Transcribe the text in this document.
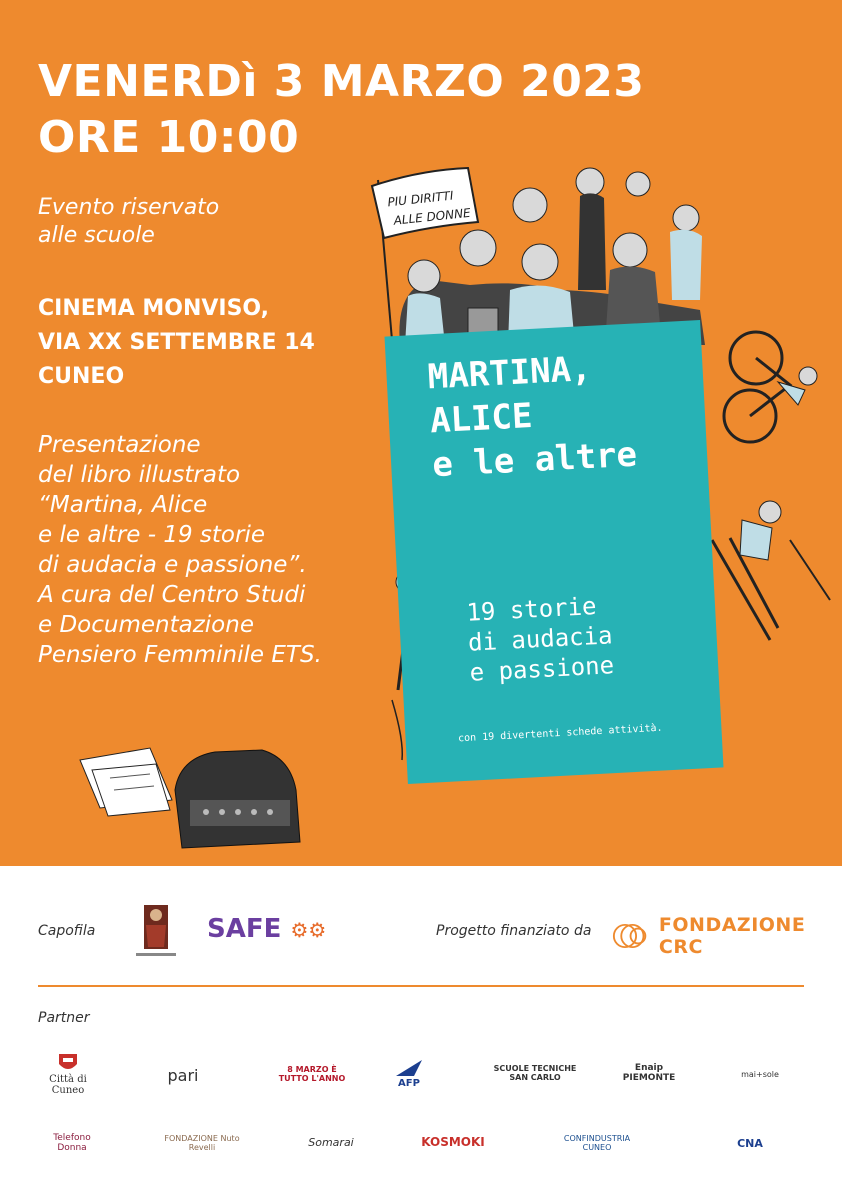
VENERDì 3 MARZO 2023
ORE 10:00
Evento riservato
alle scuole
CINEMA MONVISO,
VIA XX SETTEMBRE 14
CUNEO
Presentazione
del libro illustrato
“Martina, Alice
e le altre - 19 storie
di audacia e passione”.
A cura del Centro Studi
e Documentazione
Pensiero Femminile ETS.
PIU DIRITTI
ALLE DONNE
MARTINA,
ALICE
e le altre
19 storie
di audacia
e passione
con 19 divertenti schede attività.
Capofila	SAFE ⚙⚙	Progetto finanziato da	FONDAZIONE CRC
Partner
Città di Cuneo
pari	8 MARZO È TUTTO L'ANNO	AFP
SCUOLE TECNICHE SAN CARLO
Enaip PIEMONTE	mai+sole
Telefono Donna
FONDAZIONE Nuto Revelli	Somarai	KOSMOKI	CONFINDUSTRIA CUNEO	CNA
